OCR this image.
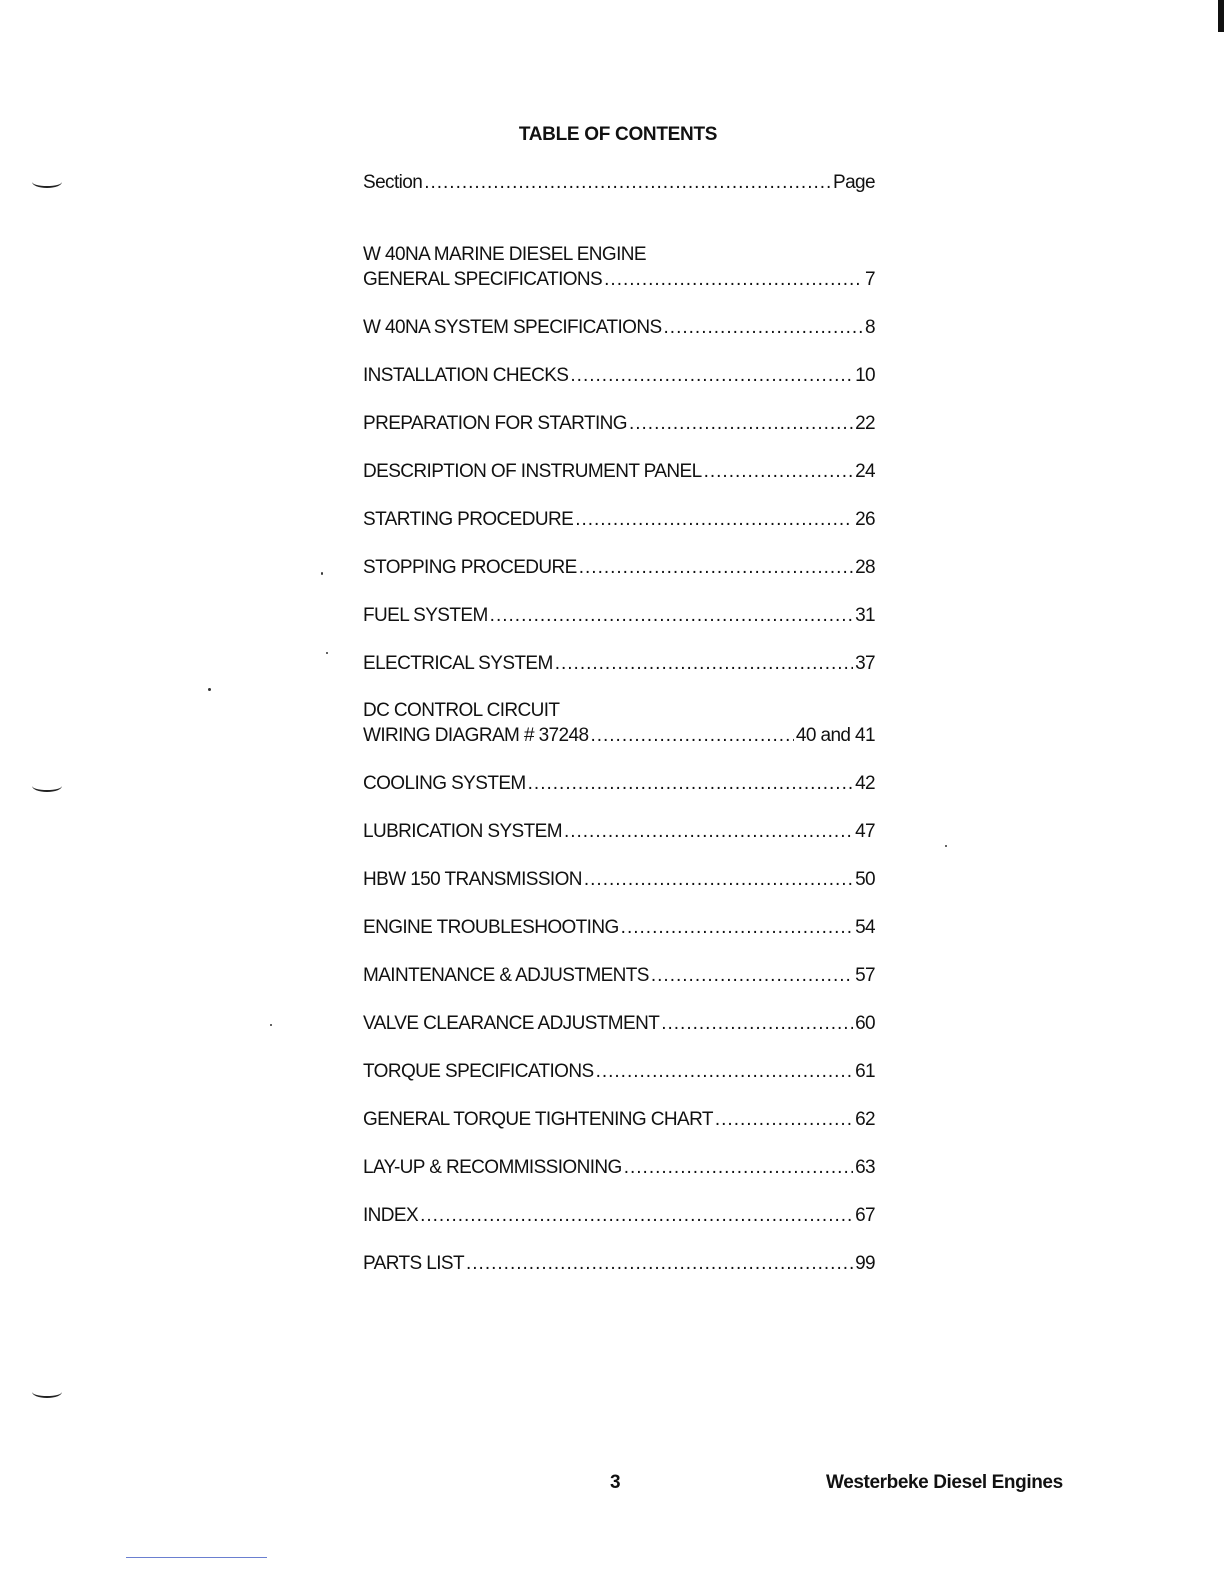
TABLE OF CONTENTS
Section .....	Page
W 40NA MARINE DIESEL ENGINE
GENERAL SPECIFICATIONS .....	7
W 40NA SYSTEM SPECIFICATIONS .....	8
INSTALLATION CHECKS .....	10
PREPARATION FOR STARTING .....	22
DESCRIPTION OF INSTRUMENT PANEL .....	24
STARTING PROCEDURE .....	26
STOPPING PROCEDURE .....	28
FUEL SYSTEM .....	31
ELECTRICAL SYSTEM .....	37
DC CONTROL CIRCUIT
WIRING DIAGRAM # 37248 .....	40 and 41
COOLING SYSTEM .....	42
LUBRICATION SYSTEM .....	47
HBW 150 TRANSMISSION .....	50
ENGINE TROUBLESHOOTING .....	54
MAINTENANCE & ADJUSTMENTS .....	57
VALVE CLEARANCE ADJUSTMENT .....	60
TORQUE SPECIFICATIONS .....	61
GENERAL TORQUE TIGHTENING CHART .....	62
LAY-UP & RECOMMISSIONING .....	63
INDEX .....	67
PARTS LIST .....	99
3	Westerbeke Diesel Engines
